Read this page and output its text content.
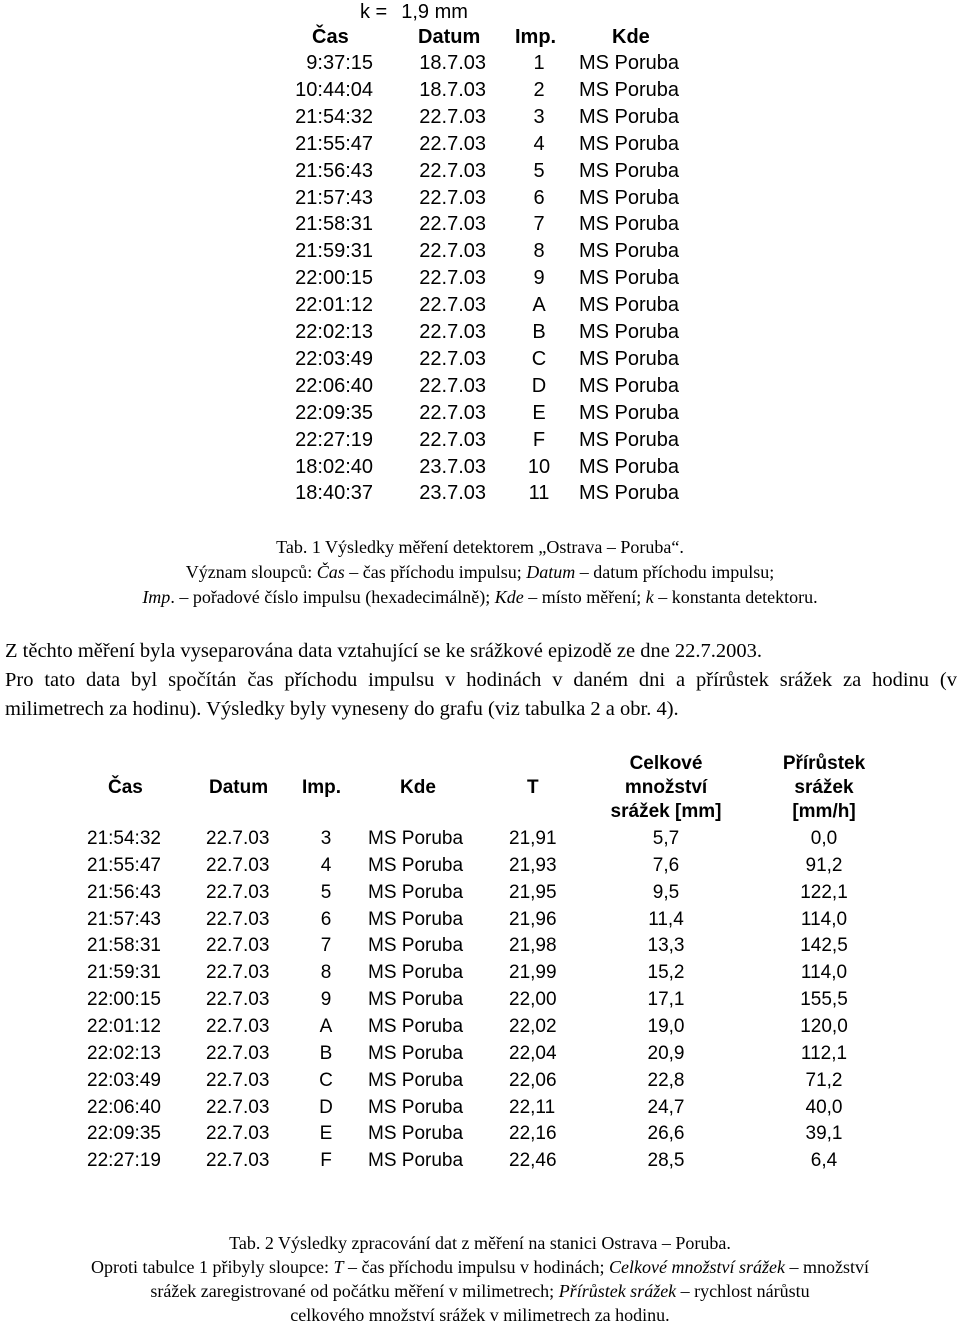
k = 1,9 mm
Čas	Datum Imp.	Kde
9:37:15 18.7.03	1	MS Poruba
10:44:04 18.7.03	2	MS Poruba
21:54:32 22.7.03	3	MS Poruba
21:55:47 22.7.03	4	MS Poruba
21:56:43 22.7.03	5	MS Poruba
21:57:43 22.7.03	6	MS Poruba
21:58:31 22.7.03	7	MS Poruba
21:59:31 22.7.03	8	MS Poruba
22:00:15 22.7.03	9	MS Poruba
22:01:12 22.7.03	A	MS Poruba
22:02:13 22.7.03	B	MS Poruba
22:03:49 22.7.03	C	MS Poruba
22:06:40 22.7.03	D	MS Poruba
22:09:35 22.7.03	E	MS Poruba
22:27:19 22.7.03	F	MS Poruba
18:02:40 23.7.03 10 MS Poruba
18:40:37 23.7.03	11	MS Poruba
Tab. 1 Výsledky měření detektorem „Ostrava – Poruba“.
Význam sloupců: Čas – čas příchodu impulsu; Datum – datum příchodu impulsu;
Imp. – pořadové číslo impulsu (hexadecimálně); Kde – místo měření; k – konstanta detektoru.

Z těchto měření byla vyseparována data vztahující se ke srážkové epizodě ze dne 22.7.2003.

Pro tato data byl spočítán čas příchodu impulsu v hodinách v daném dni a přírůstek srážek za hodinu (v milimetrech za hodinu). Výsledky byly vyneseny do grafu (viz tabulka 2 a obr. 4).

Čas	Datum Imp.	Kde	T
Celkové
množství
srážek [mm]
Přírůstek
srážek
[mm/h]
21:54:32 22.7.03	3	MS Poruba 21,91	5,7	0,0
21:55:47 22.7.03	4	MS Poruba 21,93	7,6	91,2
21:56:43 22.7.03	5	MS Poruba 21,95	9,5	122,1
21:57:43 22.7.03	6	MS Poruba 21,96	11,4	114,0
21:58:31 22.7.03	7	MS Poruba 21,98	13,3	142,5
21:59:31 22.7.03	8	MS Poruba 21,99	15,2	114,0
22:00:15 22.7.03	9	MS Poruba 22,00	17,1	155,5
22:01:12 22.7.03	A	MS Poruba 22,02	19,0	120,0
22:02:13 22.7.03	B	MS Poruba 22,04	20,9	112,1
22:03:49 22.7.03	C	MS Poruba 22,06	22,8	71,2
22:06:40 22.7.03	D	MS Poruba 22,11	24,7	40,0
22:09:35 22.7.03	E	MS Poruba 22,16	26,6	39,1
22:27:19 22.7.03	F	MS Poruba 22,46	28,5	6,4
Tab. 2 Výsledky zpracování dat z měření na stanici Ostrava – Poruba.
Oproti tabulce 1 přibyly sloupce: T – čas příchodu impulsu v hodinách; Celkové množství srážek – množství
srážek zaregistrované od počátku měření v milimetrech; Přírůstek srážek – rychlost nárůstu
celkového množství srážek v milimetrech za hodinu.
